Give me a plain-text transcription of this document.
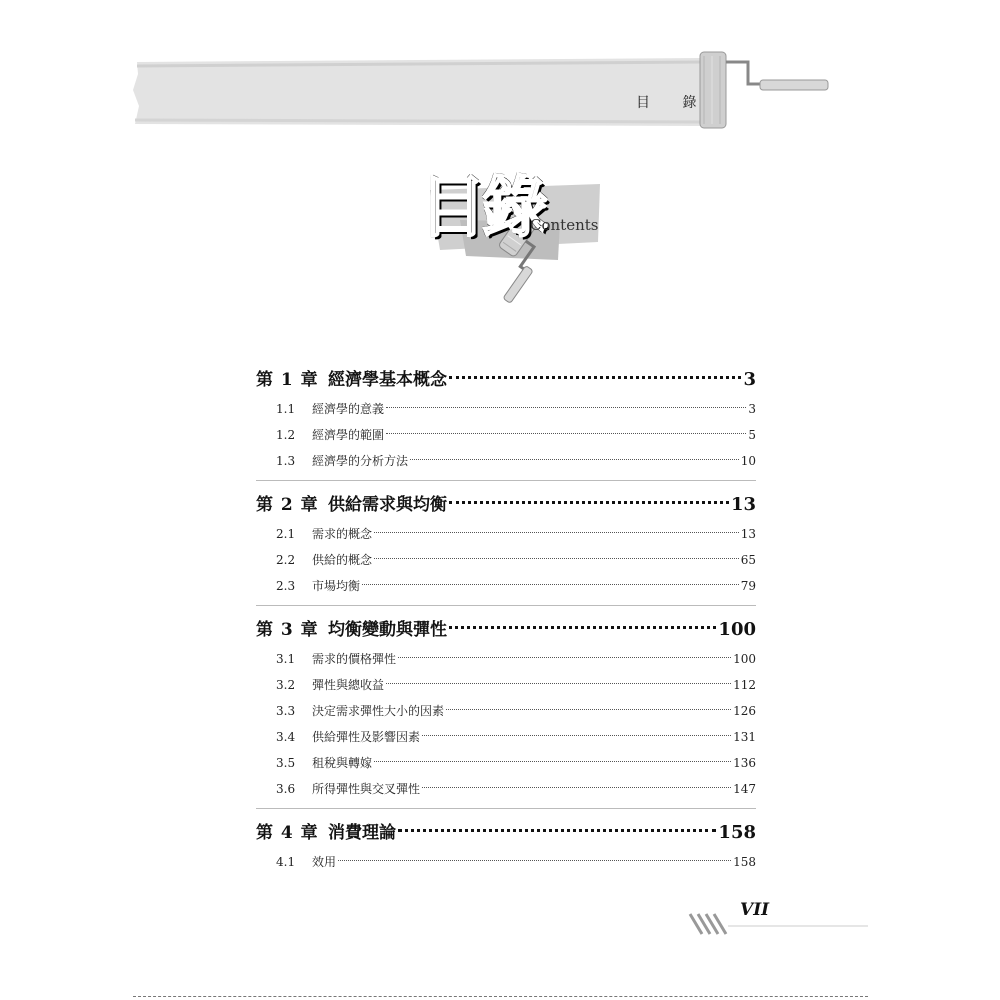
目 錄
目錄
Contents
第 1 章 經濟學基本概念	3
1.1	經濟學的意義	3
1.2	經濟學的範圍	5
1.3	經濟學的分析方法	10
第 2 章 供給需求與均衡	13
2.1	需求的概念	13
2.2	供給的概念	65
2.3	市場均衡	79
第 3 章 均衡變動與彈性	100
3.1	需求的價格彈性	100
3.2	彈性與總收益	112
3.3	決定需求彈性大小的因素	126
3.4	供給彈性及影響因素	131
3.5	租稅與轉嫁	136
3.6	所得彈性與交叉彈性	147
第 4 章 消費理論	158
4.1	效用	158
VII
